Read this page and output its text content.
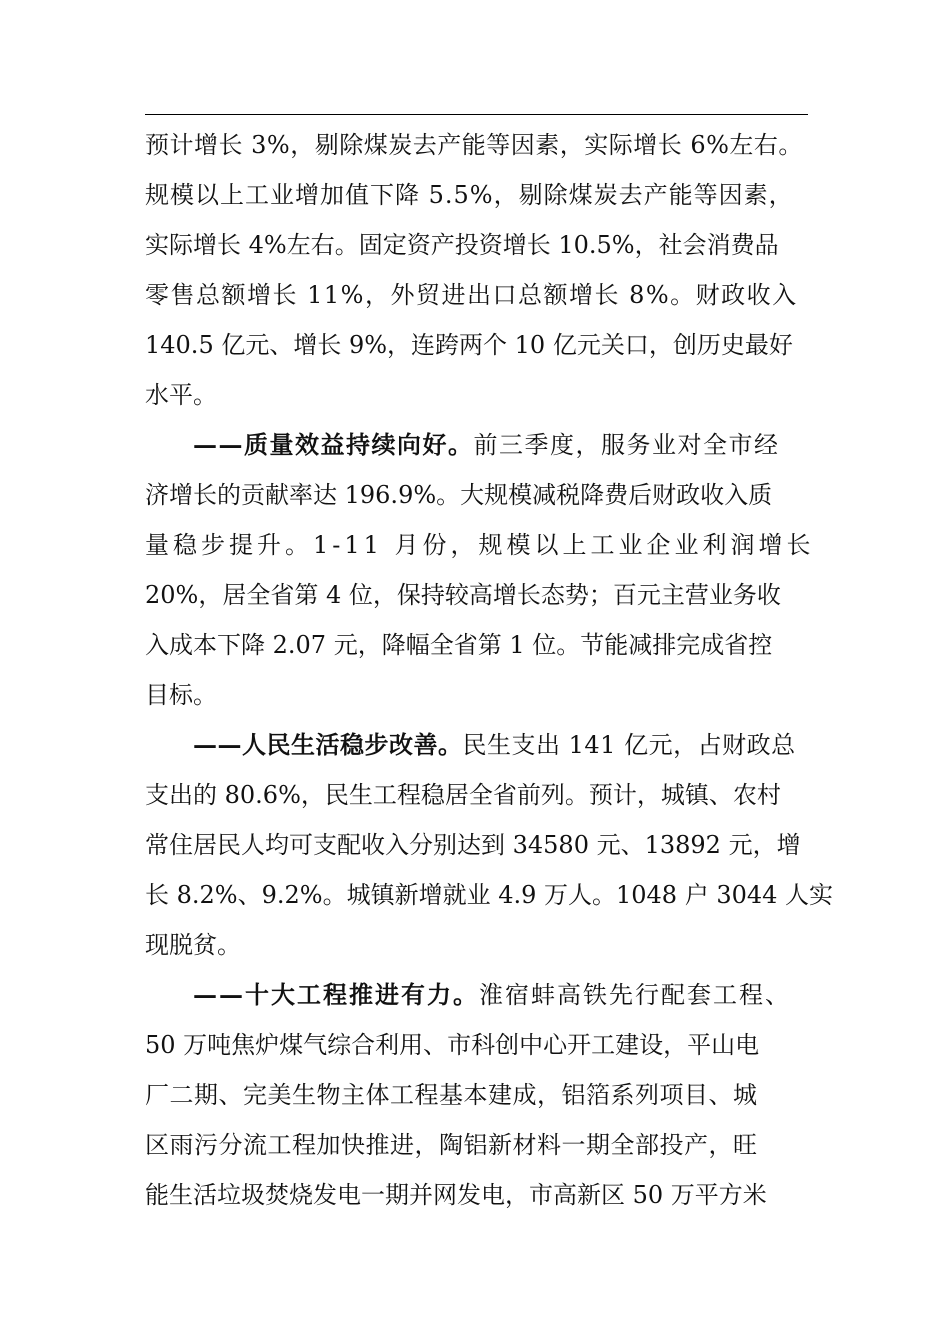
预计增长 3%，剔除煤炭去产能等因素，实际增长 6%左右。
规模以上工业增加值下降 5.5%，剔除煤炭去产能等因素，
实际增长 4%左右。固定资产投资增长 10.5%，社会消费品
零售总额增长 11%，外贸进出口总额增长 8%。财政收入
140.5 亿元、增长 9%，连跨两个 10 亿元关口，创历史最好
水平。
——质量效益持续向好。前三季度，服务业对全市经
济增长的贡献率达 196.9%。大规模减税降费后财政收入质
量稳步提升。1-11 月份，规模以上工业企业利润增长
20%，居全省第 4 位，保持较高增长态势；百元主营业务收
入成本下降 2.07 元，降幅全省第 1 位。节能减排完成省控
目标。
——人民生活稳步改善。民生支出 141 亿元，占财政总
支出的 80.6%，民生工程稳居全省前列。预计，城镇、农村
常住居民人均可支配收入分别达到 34580 元、13892 元，增
长 8.2%、9.2%。城镇新增就业 4.9 万人。1048 户 3044 人实
现脱贫。
——十大工程推进有力。淮宿蚌高铁先行配套工程、
50 万吨焦炉煤气综合利用、市科创中心开工建设，平山电
厂二期、完美生物主体工程基本建成，铝箔系列项目、城
区雨污分流工程加快推进，陶铝新材料一期全部投产，旺
能生活垃圾焚烧发电一期并网发电，市高新区 50 万平方米
